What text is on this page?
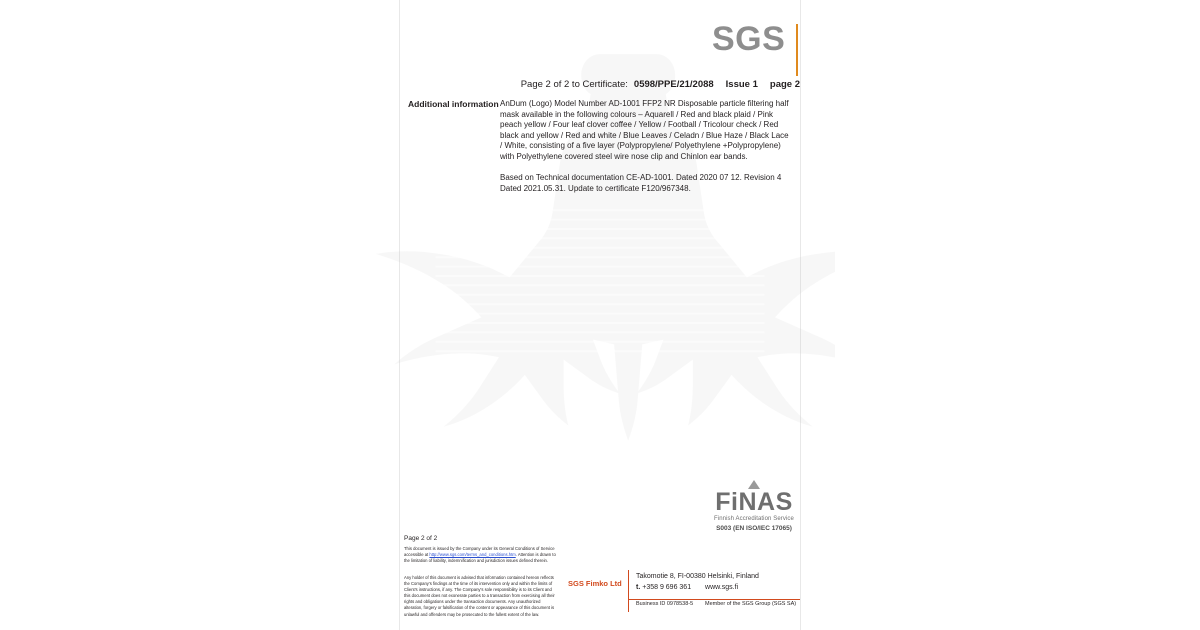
SGS
Page 2 of 2 to Certificate: 0598/PPE/21/2088 Issue 1 page 2
Additional information AnDum (Logo) Model Number AD-1001 FFP2 NR Disposable particle filtering half mask available in the following colours – Aquarell / Red and black plaid / Pink peach yellow / Four leaf clover coffee / Yellow / Football / Tricolour check / Red black and yellow / Red and white / Blue Leaves / Celadn / Blue Haze / Black Lace / White, consisting of a five layer (Polypropylene/ Polyethylene +Polypropylene) with Polyethylene covered steel wire nose clip and Chinlon ear bands.

Based on Technical documentation CE-AD-1001. Dated 2020 07 12. Revision 4 Dated 2021.05.31. Update to certificate F120/967348.

FiNAS
Finnish Accreditation Service
S003 (EN ISO/IEC 17065)
Page 2 of 2
This document is issued by the Company under its General Conditions of Service accessible at http://www.sgs.com/terms_and_conditions.htm. Attention is drawn to the limitation of liability, indemnification and jurisdiction issues defined therein.
Any holder of this document is advised that information contained hereon reflects the Company's findings at the time of its intervention only and within the limits of Client's instructions, if any. The Company's sole responsibility is to its Client and this document does not exonerate parties to a transaction from exercising all their rights and obligations under the transaction documents. Any unauthorized alteration, forgery or falsification of the content or appearance of this document is unlawful and offenders may be prosecuted to the fullest extent of the law.
SGS Fimko Ltd
Takomotie 8, FI-00380 Helsinki, Finland
t. +358 9 696 361 www.sgs.fi
Business ID 0978538-5 Member of the SGS Group (SGS SA)
